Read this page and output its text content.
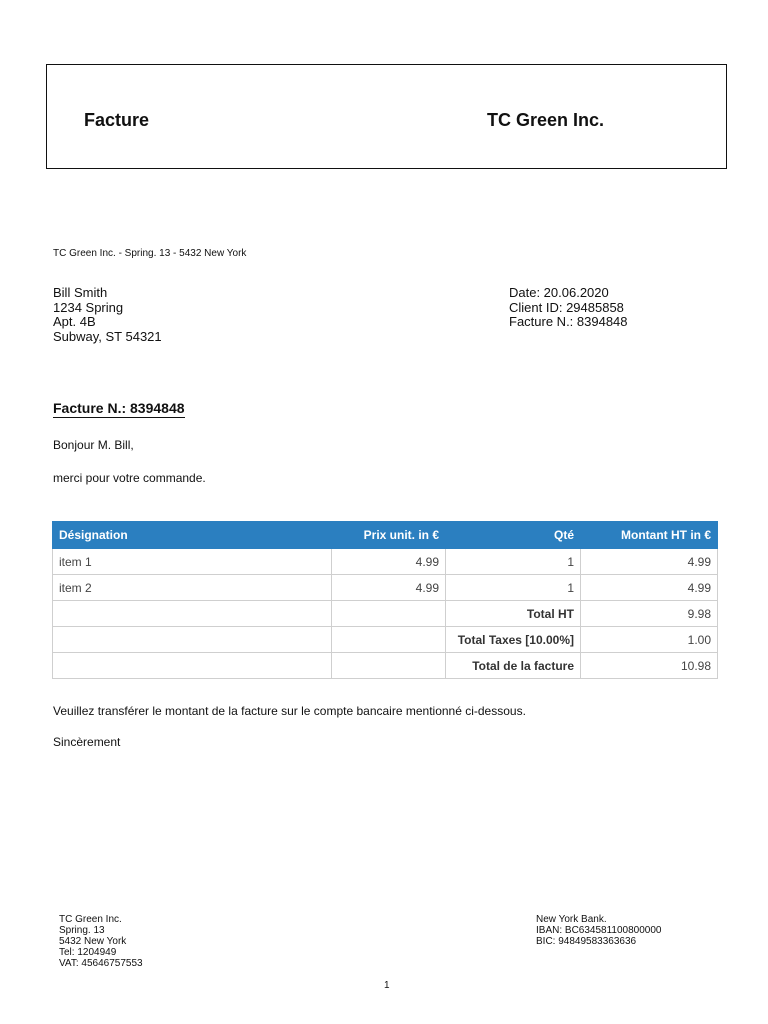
Facture	TC Green Inc.
TC Green Inc. - Spring. 13 - 5432 New York
Bill Smith
1234 Spring
Apt. 4B
Subway, ST 54321
Date: 20.06.2020
Client ID: 29485858
Facture N.: 8394848
Facture N.: 8394848
Bonjour M. Bill,
merci pour votre commande.
Désignation	Prix unit. in €	Qté	Montant HT in €
item 1	4.99	1	4.99
item 2	4.99	1	4.99
		Total HT	9.98
		Total Taxes [10.00%]	1.00
		Total de la facture	10.98
Veuillez transférer le montant de la facture sur le compte bancaire mentionné ci-dessous.
Sincèrement
TC Green Inc.
Spring. 13
5432 New York
Tel: 1204949
VAT: 45646757553
New York Bank.
IBAN: BC634581100800000
BIC: 94849583363636
1
